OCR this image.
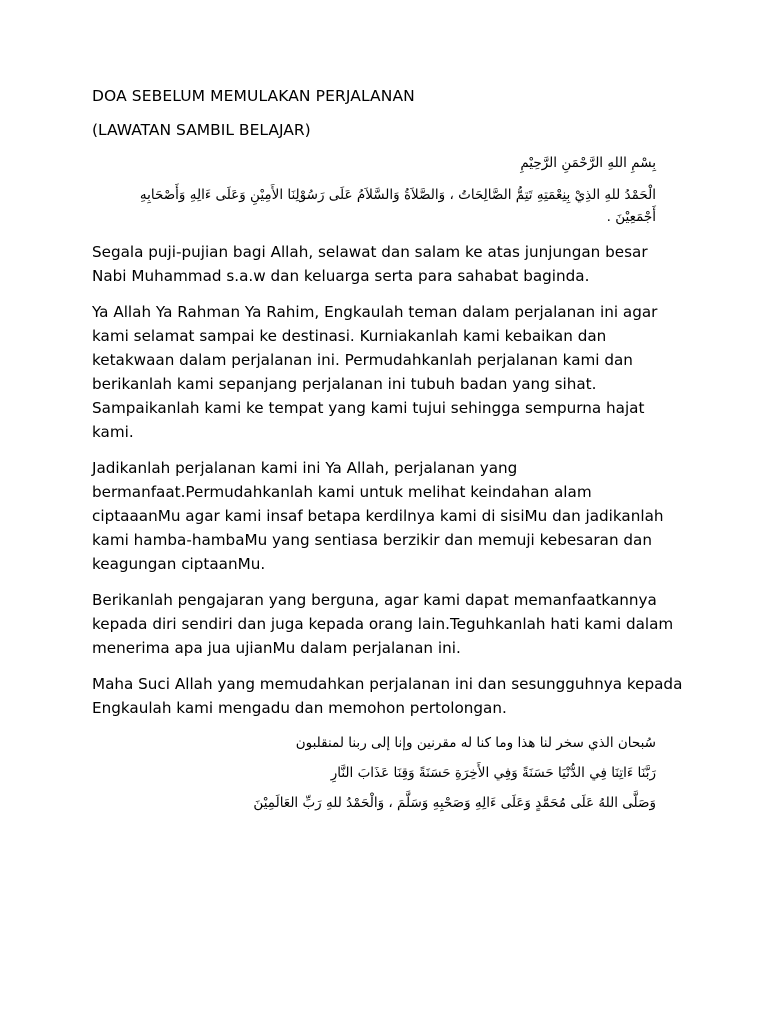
DOA SEBELUM MEMULAKAN PERJALANAN
(LAWATAN SAMBIL BELAJAR)
بِسْمِ اللهِ الرَّحْمَنِ الرَّحِيْمِ
الْحَمْدُ للهِ الذِيْ بِنِعْمَتِهِ تَتِمُّ الصَّالِحَاتُ ، وَالصَّلاَةُ وَالسَّلاَمُ عَلَى رَسُوْلِنَا الأَمِيْنِ وَعَلَى ءَالِهِ وَأَصْحَابِهِ أَجْمَعِيْنَ .

Segala puji-pujian bagi Allah, selawat dan salam ke atas junjungan besar Nabi Muhammad s.a.w dan keluarga serta para sahabat baginda.

Ya Allah Ya Rahman Ya Rahim, Engkaulah teman dalam perjalanan ini agar kami selamat sampai ke destinasi. Kurniakanlah kami kebaikan dan ketakwaan dalam perjalanan ini. Permudahkanlah perjalanan kami dan berikanlah kami sepanjang perjalanan ini tubuh badan yang sihat. Sampaikanlah kami ke tempat yang kami tujui sehingga sempurna hajat kami.

Jadikanlah perjalanan kami ini Ya Allah, perjalanan yang bermanfaat.Permudahkanlah kami untuk melihat keindahan alam ciptaaanMu agar kami insaf betapa kerdilnya kami di sisiMu dan jadikanlah kami hamba-hambaMu yang sentiasa berzikir dan memuji kebesaran dan keagungan ciptaanMu.

Berikanlah pengajaran yang berguna, agar kami dapat memanfaatkannya kepada diri sendiri dan juga kepada orang lain.Teguhkanlah hati kami dalam menerima apa jua ujianMu dalam perjalanan ini.

Maha Suci Allah yang memudahkan perjalanan ini dan sesungguhnya kepada Engkaulah kami mengadu dan memohon pertolongan.

سُبحان الذي سخر لنا هذا وما كنا له مقرنين وإنا إلى ربنا لمنقلبون
رَبَّنَا ءَاتِنَا فِي الدُّنْيَا حَسَنَةً وَفِي الأَخِرَةِ حَسَنَةً وَقِنَا عَذَابَ النَّارِ
وَصَلَّى اللهُ عَلَى مُحَمَّدٍ وَعَلَى ءَالِهِ وَصَحْبِهِ وَسَلَّمَ ، وَالْحَمْدُ للهِ رَبِّ العَالَمِيْنَ
